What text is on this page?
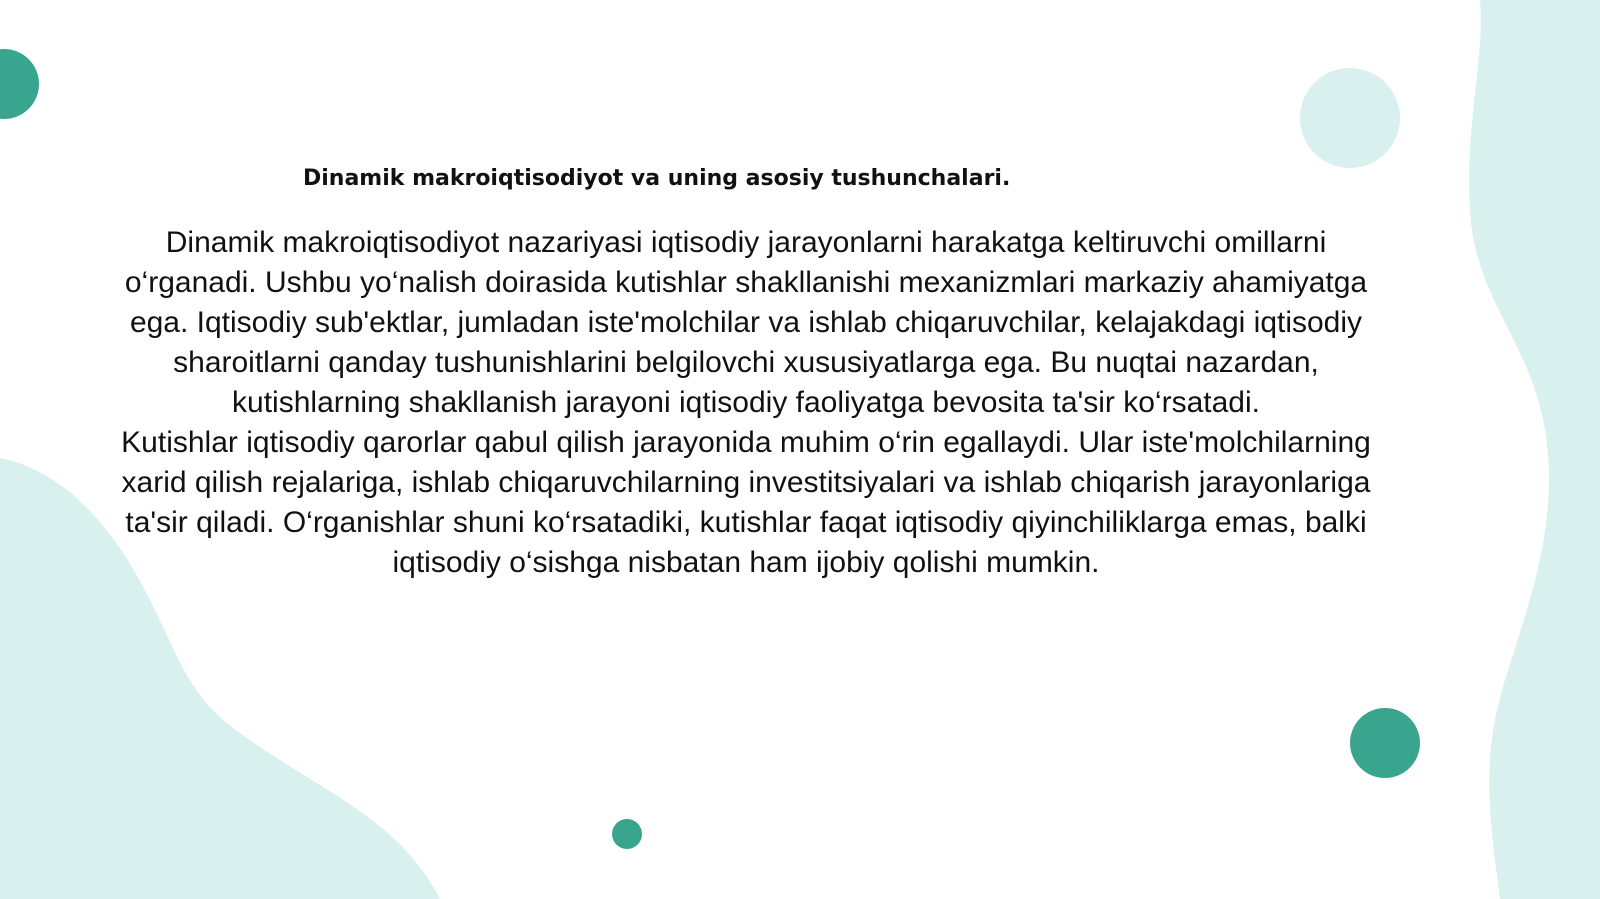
Dinamik makroiqtisodiyot va uning asosiy tushunchalari.

Dinamik makroiqtisodiyot nazariyasi iqtisodiy jarayonlarni harakatga keltiruvchi omillarni o‘rganadi. Ushbu yo‘nalish doirasida kutishlar shakllanishi mexanizmlari markaziy ahamiyatga ega. Iqtisodiy sub'ektlar, jumladan iste'molchilar va ishlab chiqaruvchilar, kelajakdagi iqtisodiy sharoitlarni qanday tushunishlarini belgilovchi xususiyatlarga ega. Bu nuqtai nazardan, kutishlarning shakllanish jarayoni iqtisodiy faoliyatga bevosita ta'sir ko‘rsatadi.

Kutishlar iqtisodiy qarorlar qabul qilish jarayonida muhim o‘rin egallaydi. Ular iste'molchilarning xarid qilish rejalariga, ishlab chiqaruvchilarning investitsiyalari va ishlab chiqarish jarayonlariga ta'sir qiladi. O‘rganishlar shuni ko‘rsatadiki, kutishlar faqat iqtisodiy qiyinchiliklarga emas, balki iqtisodiy o‘sishga nisbatan ham ijobiy qolishi mumkin.
